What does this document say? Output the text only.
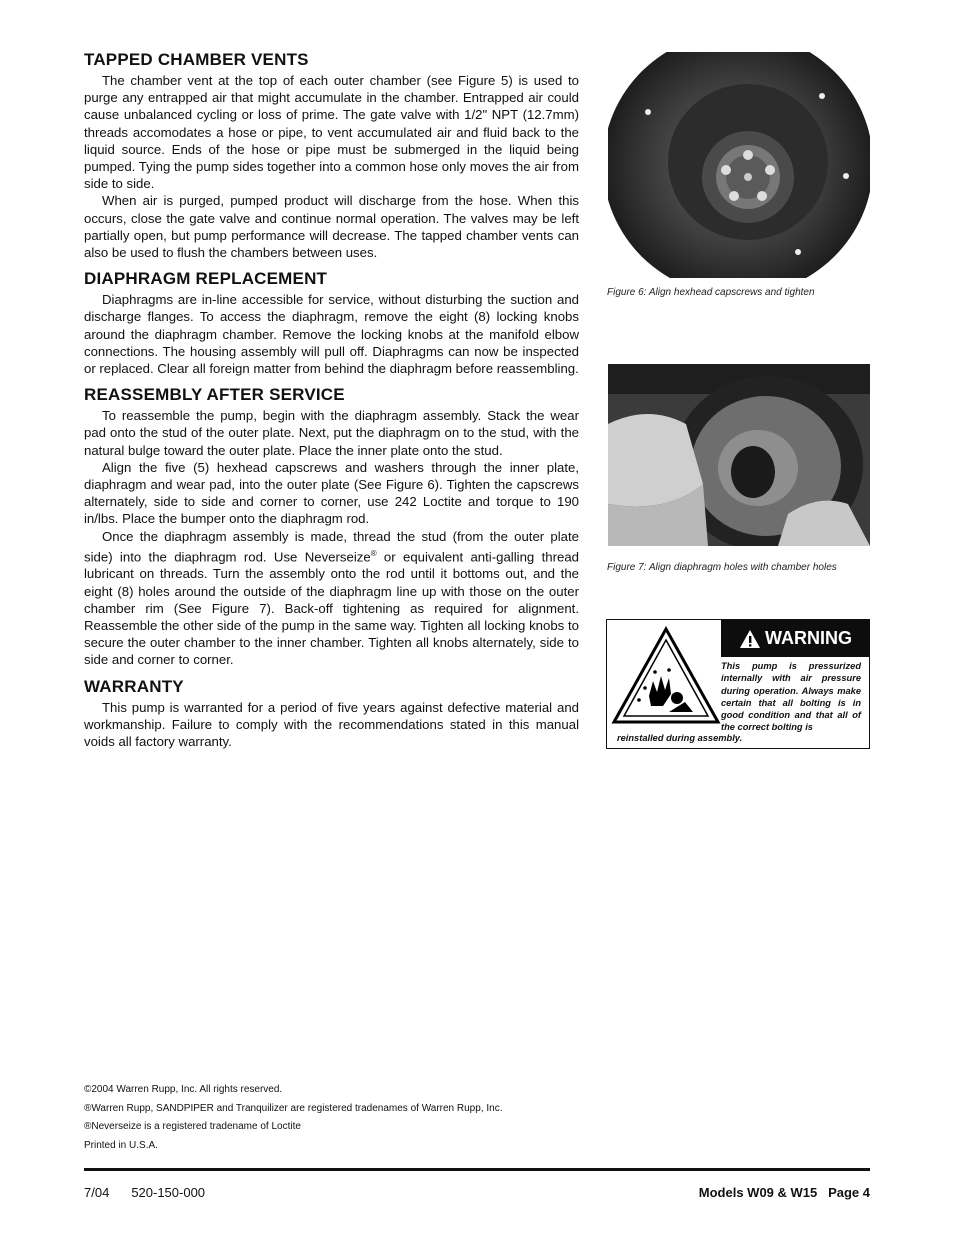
TAPPED CHAMBER VENTS

The chamber vent at the top of each outer chamber (see Figure 5) is used to purge any entrapped air that might accumulate in the chamber. Entrapped air could cause unbalanced cycling or loss of prime. The gate valve with 1/2" NPT (12.7mm) threads accomodates a hose or pipe, to vent accumulated air and fluid back to the liquid source. Ends of the hose or pipe must be submerged in the liquid being pumped. Tying the pump sides together into a common hose only moves the air from side to side.

When air is purged, pumped product will discharge from the hose. When this occurs, close the gate valve and continue normal operation. The valves may be left partially open, but pump performance will decrease. The tapped chamber vents can also be used to flush the chambers between uses.

DIAPHRAGM REPLACEMENT

Diaphragms are in-line accessible for service, without disturbing the suction and discharge flanges. To access the diaphragm, remove the eight (8) locking knobs around the diaphragm chamber. Remove the locking knobs at the manifold elbow connections. The housing assembly will pull off. Diaphragms can now be inspected or replaced. Clear all foreign matter from behind the diaphragm before reassembling.

REASSEMBLY AFTER SERVICE

To reassemble the pump, begin with the diaphragm assembly. Stack the wear pad onto the stud of the outer plate. Next, put the diaphragm on to the stud, with the natural bulge toward the outer plate. Place the inner plate onto the stud.

Align the five (5) hexhead capscrews and washers through the inner plate, diaphragm and wear pad, into the outer plate (See Figure 6). Tighten the capscrews alternately, side to side and corner to corner, use 242 Loctite and torque to 190 in/lbs. Place the bumper onto the diaphragm rod.

Once the diaphragm assembly is made, thread the stud (from the outer plate side) into the diaphragm rod. Use Neverseize® or equivalent anti-galling thread lubricant on threads. Turn the assembly onto the rod until it bottoms out, and the eight (8) holes around the outside of the diaphragm line up with those on the outer chamber rim (See Figure 7). Back-off tightening as required for alignment. Reassemble the other side of the pump in the same way. Tighten all locking knobs to secure the outer chamber to the inner chamber. Tighten all knobs alternately, side to side and corner to corner.

WARRANTY

This pump is warranted for a period of five years against defective material and workmanship. Failure to comply with the recommendations stated in this manual voids all factory warranty.

Figure 6: Align hexhead capscrews and tighten
Figure 7: Align diaphragm holes with chamber holes
WARNING
This pump is pressurized internally with air pressure during operation. Always make certain that all bolting is in good condition and that all of the correct bolting is
reinstalled during assembly.
©2004 Warren Rupp, Inc. All rights reserved.
®Warren Rupp, SANDPIPER and Tranquilizer are registered tradenames of Warren Rupp, Inc.
®Neverseize is a registered tradename of Loctite
Printed in U.S.A.
7/04 520-150-000	Models W09 & W15   Page 4
